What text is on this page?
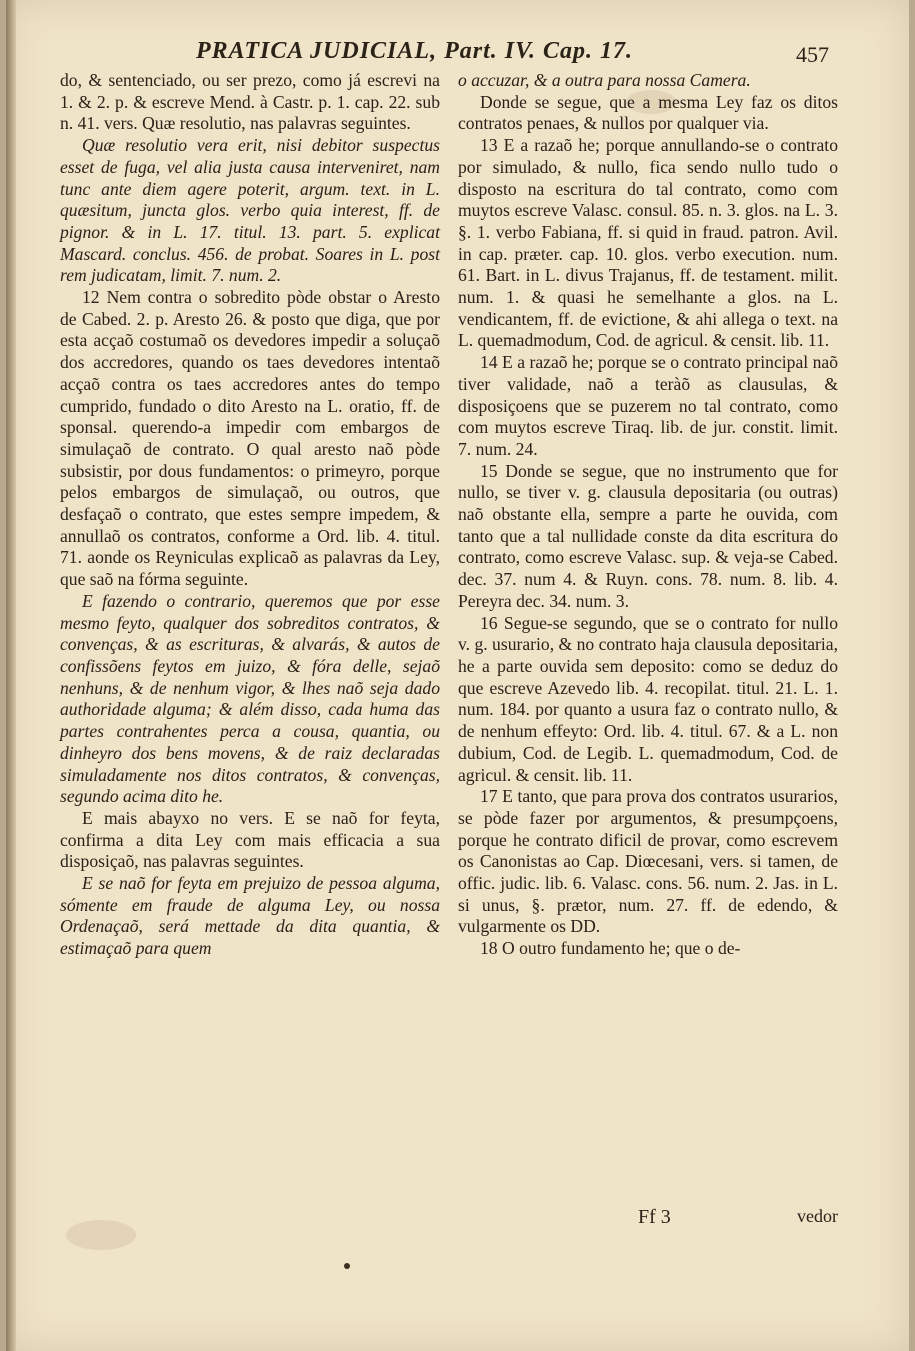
PRATICA JUDICIAL, Part. IV. Cap. 17.	457

do, & sentenciado, ou ser prezo, como já escrevi na 1. & 2. p. & escreve Mend. à Castr. p. 1. cap. 22. sub n. 41. vers. Quæ resolutio, nas palavras seguintes.

Quæ resolutio vera erit, nisi debitor suspectus esset de fuga, vel alia justa causa interveniret, nam tunc ante diem agere poterit, argum. text. in L. quæsitum, juncta glos. verbo quia interest, ff. de pignor. & in L. 17. titul. 13. part. 5. explicat Mascard. conclus. 456. de probat. Soares in L. post rem judicatam, limit. 7. num. 2.

12 Nem contra o sobredito pòde obstar o Aresto de Cabed. 2. p. Aresto 26. & posto que diga, que por esta acçaõ costumaõ os devedores impedir a soluçaõ dos accredores, quando os taes devedores intentaõ acçaõ contra os taes accredores antes do tempo cumprido, fundado o dito Aresto na L. oratio, ff. de sponsal. querendo-a impedir com embargos de simulaçaõ de contrato. O qual aresto naõ pòde subsistir, por dous fundamentos: o primeyro, porque pelos embargos de simulaçaõ, ou outros, que desfaçaõ o contrato, que estes sempre impedem, & annullaõ os contratos, conforme a Ord. lib. 4. titul. 71. aonde os Reyniculas explicaõ as palavras da Ley, que saõ na fórma seguinte.

E fazendo o contrario, queremos que por esse mesmo feyto, qualquer dos sobreditos contratos, & convenças, & as escrituras, & alvarás, & autos de confissõens feytos em juizo, & fóra delle, sejaõ nenhuns, & de nenhum vigor, & lhes naõ seja dado authoridade alguma; & além disso, cada huma das partes contrahentes perca a cousa, quantia, ou dinheyro dos bens movens, & de raiz declaradas simuladamente nos ditos contratos, & convenças, segundo acima dito he.

E mais abayxo no vers. E se naõ for feyta, confirma a dita Ley com mais efficacia a sua disposiçaõ, nas palavras seguintes.

E se naõ for feyta em prejuizo de pessoa alguma, sómente em fraude de alguma Ley, ou nossa Ordenaçaõ, será mettade da dita quantia, & estimaçaõ para quem

o accuzar, & a outra para nossa Camera.

Donde se segue, que a mesma Ley faz os ditos contratos penaes, & nullos por qualquer via.

13 E a razaõ he; porque annullando-se o contrato por simulado, & nullo, fica sendo nullo tudo o disposto na escritura do tal contrato, como com muytos escreve Valasc. consul. 85. n. 3. glos. na L. 3. §. 1. verbo Fabiana, ff. si quid in fraud. patron. Avil. in cap. præter. cap. 10. glos. verbo execution. num. 61. Bart. in L. divus Trajanus, ff. de testament. milit. num. 1. & quasi he semelhante a glos. na L. vendicantem, ff. de evictione, & ahi allega o text. na L. quemadmodum, Cod. de agricul. & censit. lib. 11.

14 E a razaõ he; porque se o contrato principal naõ tiver validade, naõ a teràõ as clausulas, & disposiçoens que se puzerem no tal contrato, como com muytos escreve Tiraq. lib. de jur. constit. limit. 7. num. 24.

15 Donde se segue, que no instrumento que for nullo, se tiver v. g. clausula depositaria (ou outras) naõ obstante ella, sempre a parte he ouvida, com tanto que a tal nullidade conste da dita escritura do contrato, como escreve Valasc. sup. & veja-se Cabed. dec. 37. num 4. & Ruyn. cons. 78. num. 8. lib. 4. Pereyra dec. 34. num. 3.

16 Segue-se segundo, que se o contrato for nullo v. g. usurario, & no contrato haja clausula depositaria, he a parte ouvida sem deposito: como se deduz do que escreve Azevedo lib. 4. recopilat. titul. 21. L. 1. num. 184. por quanto a usura faz o contrato nullo, & de nenhum effeyto: Ord. lib. 4. titul. 67. & a L. non dubium, Cod. de Legib. L. quemadmodum, Cod. de agricul. & censit. lib. 11.

17 E tanto, que para prova dos contratos usurarios, se pòde fazer por argumentos, & presumpçoens, porque he contrato dificil de provar, como escrevem os Canonistas ao Cap. Diœcesani, vers. si tamen, de offic. judic. lib. 6. Valasc. cons. 56. num. 2. Jas. in L. si unus, §. prætor, num. 27. ff. de edendo, & vulgarmente os DD.

18 O outro fundamento he; que o de-

Ff 3	vedor
